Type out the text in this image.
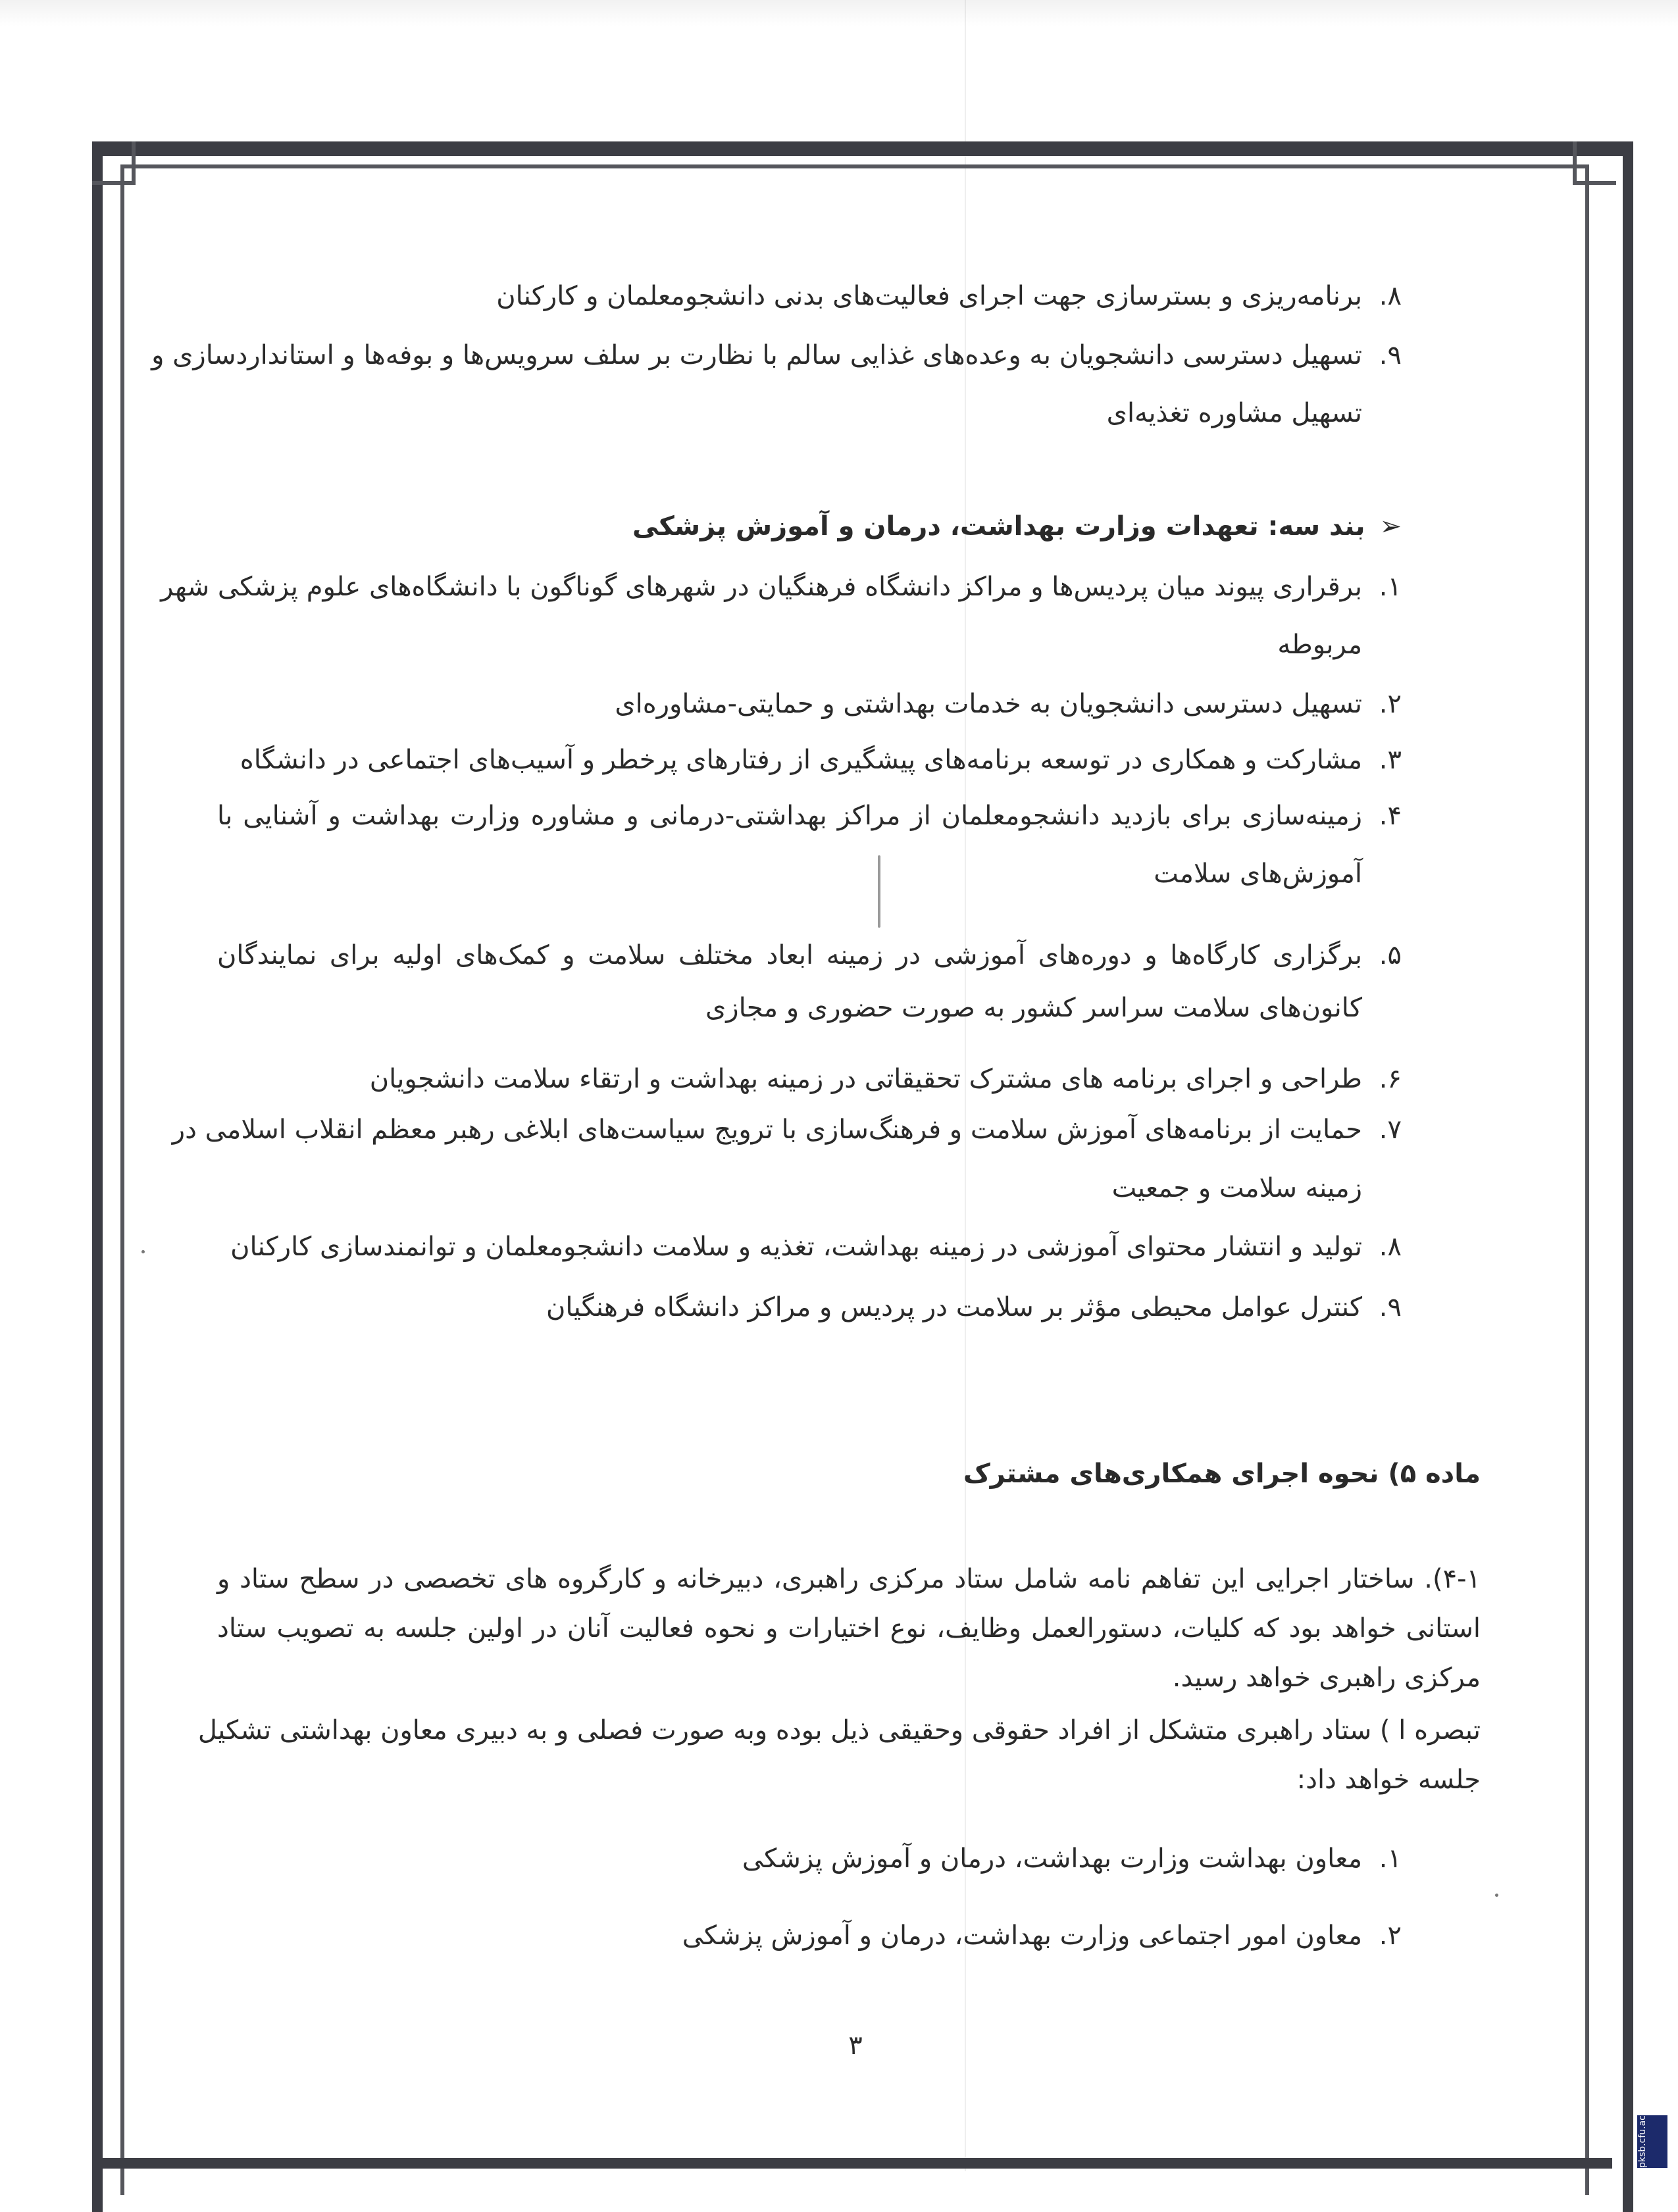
۸.برنامه‌ریزی و بسترسازی جهت اجرای فعالیت‌های بدنی دانشجومعلمان و کارکنان
۹.تسهیل دسترسی دانشجویان به وعده‌های غذایی سالم با نظارت بر سلف سرویس‌ها و بوفه‌ها و استانداردسازی و
تسهیل مشاوره تغذیه‌ای
➢بند سه: تعهدات وزارت بهداشت، درمان و آموزش پزشکی
۱.برقراری پیوند میان پردیس‌ها و مراکز دانشگاه فرهنگیان در شهرهای گوناگون با دانشگاه‌های علوم پزشکی شهر
مربوطه
۲.تسهیل دسترسی دانشجویان به خدمات بهداشتی و حمایتی-مشاوره‌ای
۳.مشارکت و همکاری در توسعه برنامه‌های پیشگیری از رفتارهای پرخطر و آسیب‌های اجتماعی در دانشگاه
۴.زمینه‌سازی برای بازدید دانشجومعلمان از مراکز بهداشتی-درمانی و مشاوره وزارت بهداشت و آشنایی با
آموزش‌های سلامت
۵.برگزاری کارگاه‌ها و دوره‌های آموزشی در زمینه ابعاد مختلف سلامت و کمک‌های اولیه برای نمایندگان
کانون‌های سلامت سراسر کشور به صورت حضوری و مجازی
۶.طراحی و اجرای برنامه های مشترک تحقیقاتی در زمینه بهداشت و ارتقاء سلامت دانشجویان
۷.حمایت از برنامه‌های آموزش سلامت و فرهنگ‌سازی با ترویج سیاست‌های ابلاغی رهبر معظم انقلاب اسلامی در
زمینه سلامت و جمعیت
۸.تولید و انتشار محتوای آموزشی در زمینه بهداشت، تغذیه و سلامت دانشجومعلمان و توانمندسازی کارکنان
۹.کنترل عوامل محیطی مؤثر بر سلامت در پردیس و مراکز دانشگاه فرهنگیان
ماده ۵) نحوه اجرای همکاری‌های مشترک
۴-۱). ساختار اجرایی این تفاهم نامه شامل ستاد مرکزی راهبری، دبیرخانه و کارگروه های تخصصی در سطح ستاد و
استانی خواهد بود که کلیات، دستورالعمل وظایف، نوع اختیارات و نحوه فعالیت آنان در اولین جلسه به تصویب ستاد
مرکزی راهبری خواهد رسید.
تبصره ا ) ستاد راهبری متشکل از افراد حقوقی وحقیقی ذیل بوده وبه صورت فصلی و به دبیری معاون بهداشتی تشکیل
جلسه خواهد داد:
۱.معاون بهداشت وزارت بهداشت، درمان و آموزش پزشکی
۲.معاون امور اجتماعی وزارت بهداشت، درمان و آموزش پزشکی
۳
pksb.cfu.ac.ir
